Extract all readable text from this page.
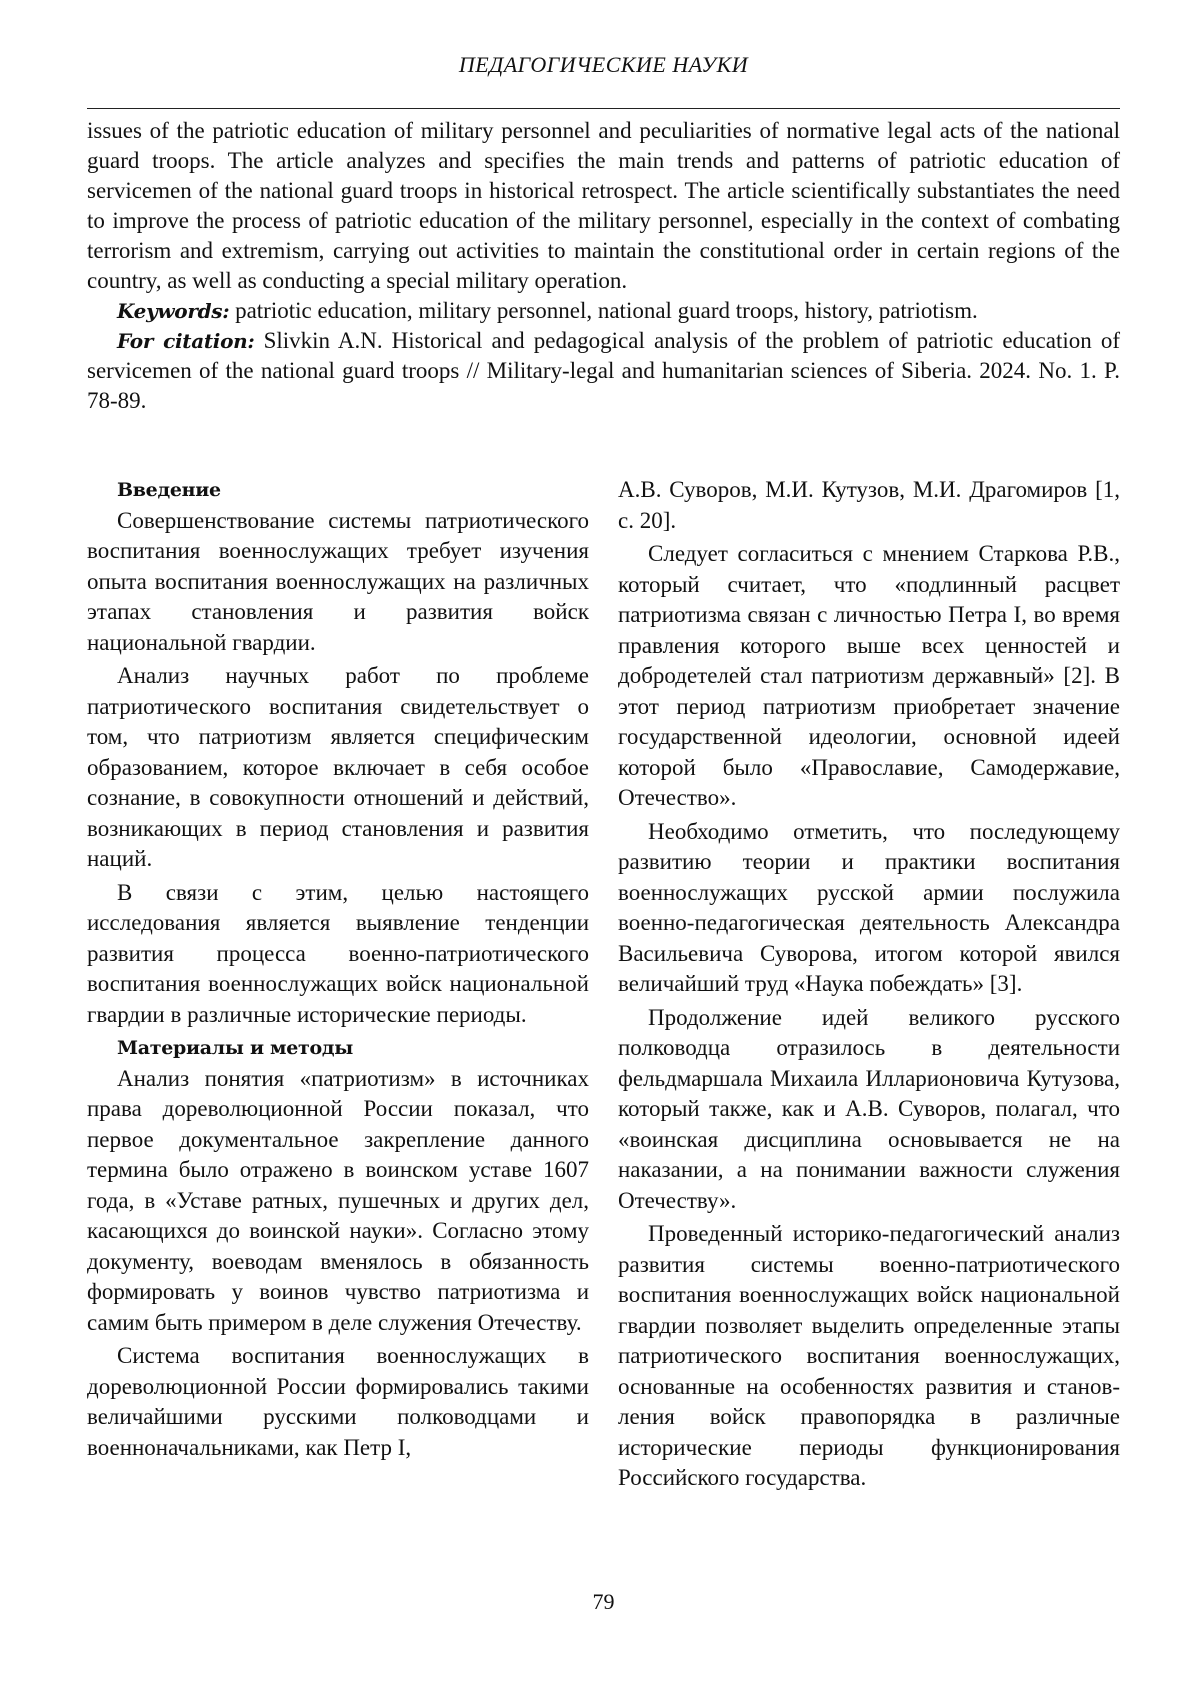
ПЕДАГОГИЧЕСКИЕ НАУКИ

issues of the patriotic education of military personnel and peculiarities of normative legal acts of the national guard troops. The article analyzes and specifies the main trends and patterns of patriotic education of servicemen of the national guard troops in historical retrospect. The article scientifically substantiates the need to improve the process of patriotic education of the military personnel, especially in the context of combating terrorism and extremism, carrying out activities to maintain the constitutional order in certain regions of the country, as well as conducting a special military operation.

Keywords: patriotic education, military personnel, national guard troops, history, patriotism.

For citation: Slivkin A.N. Historical and pedagogical analysis of the problem of patriotic education of servicemen of the national guard troops // Military-legal and humanitarian sciences of Siberia. 2024. No. 1. P. 78-89.

Введение

Совершенствование системы патриотического воспитания военнослужащих требует изучения опыта воспитания военнослужащих на различных этапах становления и развития войск национальной гвардии.

Анализ научных работ по проблеме патриотического воспитания свидетельствует о том, что патриотизм является специфическим образованием, которое включает в себя особое сознание, в совокупности отношений и действий, возникающих в период становления и развития наций.

В связи с этим, целью настоящего исследования является выявление тенденции развития процесса военно-патриотического воспитания военнослужащих войск национальной гвардии в различные исторические периоды.

Материалы и методы

Анализ понятия «патриотизм» в источниках права дореволюционной России показал, что первое документальное закрепление данного термина было отражено в воинском уставе 1607 года, в «Уставе ратных, пушечных и других дел, касающихся до воинской науки». Согласно этому документу, воеводам вменялось в обязанность формировать у воинов чувство патриотизма и самим быть примером в деле служения Отечеству.

Система воспитания военнослужащих в дореволюционной России формировались такими величайшими русскими полководцами и военноначальниками, как Петр I,

А.В. Суворов, М.И. Кутузов, М.И. Драгомиров [1, с. 20].

Следует согласиться с мнением Старкова Р.В., который считает, что «подлинный расцвет патриотизма связан с личностью Петра I, во время правления которого выше всех ценностей и добродетелей стал патриотизм державный» [2]. В этот период патриотизм приобретает значение государственной идеологии, основной идеей которой было «Православие, Самодержавие, Отечество».

Необходимо отметить, что последующему развитию теории и практики воспитания военнослужащих русской армии послужила военно-педагогическая деятельность Александра Васильевича Суворова, итогом которой явился величайший труд «Наука побеждать» [3].

Продолжение идей великого русского полководца отразилось в деятельности фельдмаршала Михаила Илларионовича Кутузова, который также, как и А.В. Суворов, полагал, что «воинская дисциплина основывается не на наказании, а на понимании важности служения Отечеству».

Проведенный историко-педагогический анализ развития системы военно-патриотического воспитания военнослужащих войск национальной гвардии позволяет выделить определенные этапы патриотического воспитания военнослужащих, основанные на особенностях развития и становления войск правопорядка в различные исторические периоды функционирования Российского государства.

79
